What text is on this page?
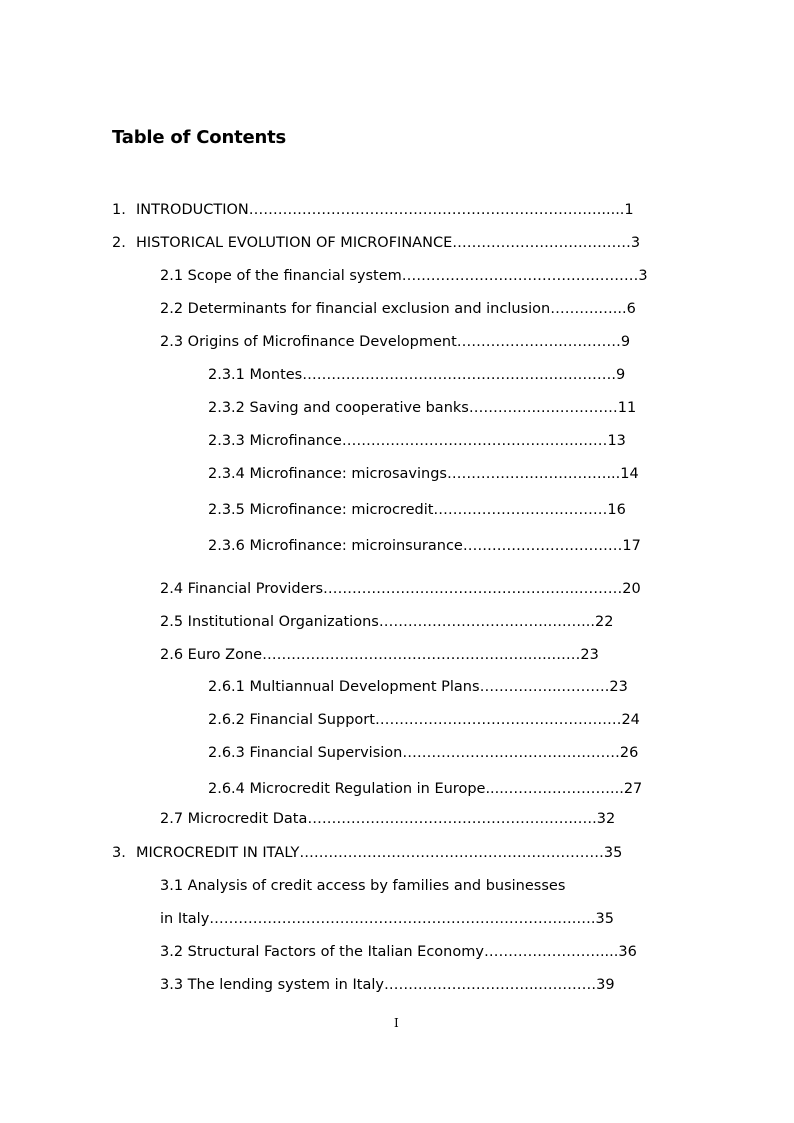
Table of Contents
1. INTRODUCTION………………………………………………………………......1
2. HISTORICAL EVOLUTION OF MICROFINANCE……………………….………3
2.1 Scope of the financial system………………………………….………3
2.2 Determinants for financial exclusion and inclusion……….…...6
2.3 Origins of Microfinance Development………………….…………9
2.3.1 Montes…………………………………………….………….9
2.3.2 Saving and cooperative banks……….….…..…………11
2.3.3 Microfinance………………………………………….……13
2.3.4 Microfinance: microsavings……………………………...14
2.3.5 Microfinance: microcredit………………………………16
2.3.6 Microfinance: microinsurance……………………………17
2.4 Financial Providers……………………………………………..………20
2.5 Institutional Organizations……………………….…….….…...22
2.6 Euro Zone……………………………………………….…..……23
2.6.1 Multiannual Development Plans……………..……….23
2.6.2 Financial Support……………………………………………24
2.6.3 Financial Supervision………………………………………26
2.6.4 Microcredit Regulation in Europe.....…………………...27
2.7 Microcredit Data………………………………………………..….32
3. MICROCREDIT IN ITALY………………………………………………………35
3.1 Analysis of credit access by families and businesses
in Italy………………………………………………………………….….35
3.2 Structural Factors of the Italian Economy……………………....36
3.3 The lending system in Italy…………………………..…………39
I
